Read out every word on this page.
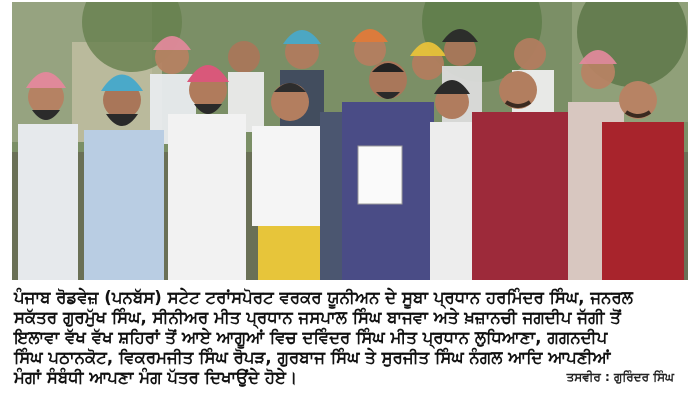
ਪੰਜਾਬ ਰੋਡਵੇਜ਼ (ਪਨਬੱਸ) ਸਟੇਟ ਟਰਾਂਸਪੋਰਟ ਵਰਕਰ ਯੂਨੀਅਨ ਦੇ ਸੂਬਾ ਪ੍ਰਧਾਨ ਹਰਮਿੰਦਰ ਸਿੰਘ, ਜਨਰਲ
ਸਕੱਤਰ ਗੁਰਮੁੱਖ ਸਿੰਘ, ਸੀਨੀਅਰ ਮੀਤ ਪ੍ਰਧਾਨ ਜਸਪਾਲ ਸਿੰਘ ਬਾਜਵਾ ਅਤੇ ਖ਼ਜ਼ਾਨਚੀ ਜਗਦੀਪ ਜੱਗੀ ਤੋਂ
ਇਲਾਵਾ ਵੱਖ ਵੱਖ ਸ਼ਹਿਰਾਂ ਤੋਂ ਆਏ ਆਗੂਆਂ ਵਿਚ ਦਵਿੰਦਰ ਸਿੰਘ ਮੀਤ ਪ੍ਰਧਾਨ ਲੁਧਿਆਣਾ, ਗਗਨਦੀਪ
ਸਿੰਘ ਪਠਾਨਕੋਟ, ਵਿਕਰਮਜੀਤ ਸਿੰਘ ਰੋਪੜ, ਗੁਰਬਾਜ ਸਿੰਘ ਤੇ ਸੁਰਜੀਤ ਸਿੰਘ ਨੰਗਲ ਆਦਿ ਆਪਣੀਆਂ
ਮੰਗਾਂ ਸੰਬੰਧੀ ਆਪਣਾ ਮੰਗ ਪੱਤਰ ਦਿਖਾਉਂਦੇ ਹੋਏ।	ਤਸਵੀਰ : ਗੁਰਿੰਦਰ ਸਿੰਘ
